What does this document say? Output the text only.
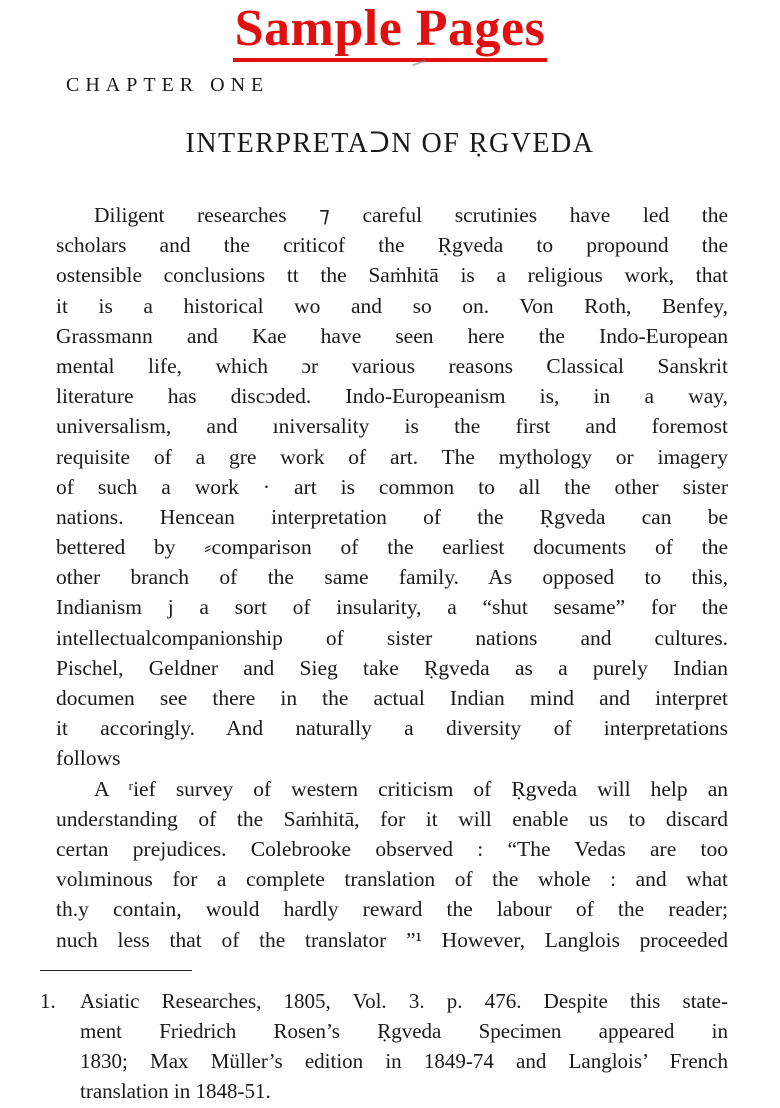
Sample Pages
CHAPTER ONE
INTERPRETAᑐN OF ṚGVEDA
Diligent researches ⁊ careful scrutinies have led the
scholars and the criticof the Ṛgveda to propound the
ostensible conclusions tt the Saṁhitā is a religious work, that
it is a historical wo and so on. Von Roth, Benfey,
Grassmann and Kae have seen here the Indo-European
mental life, which ɔr various reasons Classical Sanskrit
literature has discɔded. Indo-Europeanism is, in a way,
universalism, and ıniversality is the first and foremost
requisite of a gre work of art. The mythology or imagery
of such a work · art is common to all the other sister
nations. Henceаn interpretation of the Ṛgveda can be
bettered by ⸗comparison of the earliest documents of the
other branch of the same family. As opposed to this,
Indianism j a sort of insularity, a “shut sesame” for the
intellectualcompanionship of sister nations and cultures.
Pischel, Geldner and Sieg take Ṛgveda as a purely Indian
documen see there in the actual Indian mind and interpret
it accoringly. And naturally a diversity of interpretations
follows
A ʳief survey of western criticism of Ṛgveda will help an
undeɾstanding of the Saṁhitā, for it will enable us to discard
certan prejudices. Colebrooke observed : “The Vedas are too
volıminous for a complete translation of the whole : and what
th.y contain, would hardly reward the labour of the reader;
nuch less that of the translator ”¹ However, Langlois proceeded
1. Asiatic Researches, 1805, Vol. 3. p. 476. Despite this state-
ment Friedrich Rosen’s Ṛgveda Specimen appeared in
1830; Max Müller’s edition in 1849-74 and Langlois’ French
translation in 1848-51.
